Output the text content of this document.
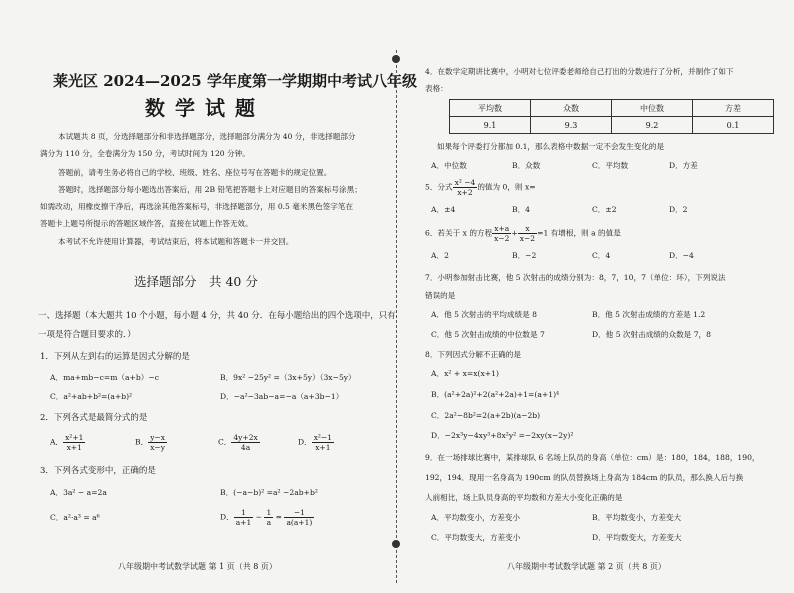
莱光区 2024—2025 学年度第一学期期中考试八年级
数学试题
本试题共 8 页，分选择题部分和非选择题部分，选择题部分满分为 40 分，非选择题部分
满分为 110 分，全卷满分为 150 分，考试时间为 120 分钟。
答题前，请考生务必将自己的学校、班级、姓名、座位号写在答题卡的规定位置。
答题时，选择题部分每小题选出答案后，用 2B 铅笔把答题卡上对应题目的答案标号涂黑；
如需改动，用橡皮擦干净后，再选涂其他答案标号，非选择题部分，用 0.5 毫米黑色签字笔在
答题卡上题号所提示的答题区域作答，直接在试题上作答无效。
本考试不允许使用计算器，考试结束后，将本试题和答题卡一并交回。
选择题部分　共 40 分
一、选择题（本大题共 10 个小题，每小题 4 分，共 40 分．在每小题给出的四个选项中，只有
一项是符合题目要求的．）
1．下列从左到右的运算是因式分解的是
A．ma+mb−c=m（a+b）−c	B．9x² −25y² =（3x+5y）（3x−5y）
C．a²+ab+b²=(a+b)²	D．−a²−3ab−a=−a（a+3b−1）
2．下列各式是最简分式的是
A． $\frac{\text{x²+1}}{x+1}$	B． $\frac{y-x}{x-y}$	C． $\frac{4y+2x}{4a}$	D． $\frac{\text{x²−1}}{x+1}$
3．下列各式变形中，正确的是
A．3a² − a=2a	B．(−a−b)² =a² −2ab+b²
C．a²·a³ = a⁶	D． $\frac{1}{a+1} - \frac{1}{a} = \frac{-1}{a(a+1)}$
八年级期中考试数学试题 第 1 页（共 8 页）
4．在数学定期讲比赛中，小明对七位评委老师给自己打出的分数进行了分析，并制作了如下
表格：
平均数	众数	中位数	方差
9.1	9.3	9.2	0.1
如果每个评委打分都加 0.1，那么表格中数据一定不会发生变化的是
A．中位数	B．众数	C．平均数	D．方差
5．分式 $\frac{\text{x² −4}}{x+2}$ 的值为 0，则 x=
A．±4	B．4	C．±2	D．2
6．若关于 x 的方程 $\frac{x+a}{x-2} + \frac{x}{x-2} =1$ 有增根，则 a 的值是
A．2	B．−2	C．4	D．−4
7．小明参加射击比赛，他 5 次射击的成绩分别为：8，7，10，7（单位：环），下列说法
错误的是
A．他 5 次射击的平均成绩是 8	B．他 5 次射击成绩的方差是 1.2
C．他 5 次射击成绩的中位数是 7	D．他 5 次射击成绩的众数是 7，8
8．下列因式分解不正确的是
A．x² + x=x(x+1)
B．(a²+2a)²+2(a²+2a)+1=(a+1)⁴
C．2a²−8b²=2(a+2b)(a−2b)
D．−2x³y−4xy³+8x²y² =−2xy(x−2y)²
9．在一场排球比赛中，某排球队 6 名场上队员的身高（单位：cm）是：180，184，188，190，
192，194．现用一名身高为 190cm 的队员替换场上身高为 184cm 的队员，那么换人后与换
人前相比，场上队员身高的平均数和方差大小变化正确的是
A．平均数变小，方差变小	B．平均数变小，方差变大
C．平均数变大，方差变小	D．平均数变大，方差变大
八年级期中考试数学试题 第 2 页（共 8 页）
